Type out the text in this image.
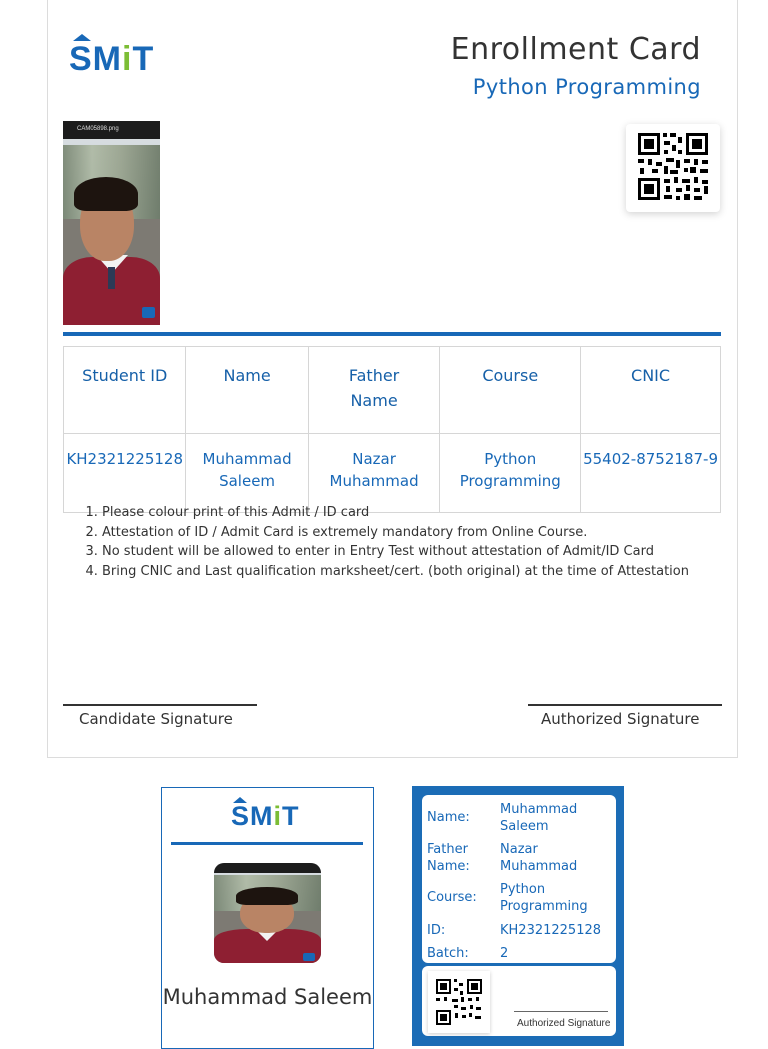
SMiT	Enrollment Card
Python Programming
CAM05898.png
Student ID	Name	Father Name	Course	CNIC
KH2321225128	Muhammad Saleem	Nazar Muhammad	Python Programming	55402-8752187-9
1. Please colour print of this Admit / ID card
2. Attestation of ID / Admit Card is extremely mandatory from Online Course.
3. No student will be allowed to enter in Entry Test without attestation of Admit/ID Card
4. Bring CNIC and Last qualification marksheet/cert. (both original) at the time of Attestation
Candidate Signature	Authorized Signature
SMiT
Muhammad Saleem
Name:
Muhammad Saleem
Father Name:
Nazar Muhammad
Course:
Python Programming
ID:	KH2321225128
Batch:	2
Authorized Signature
